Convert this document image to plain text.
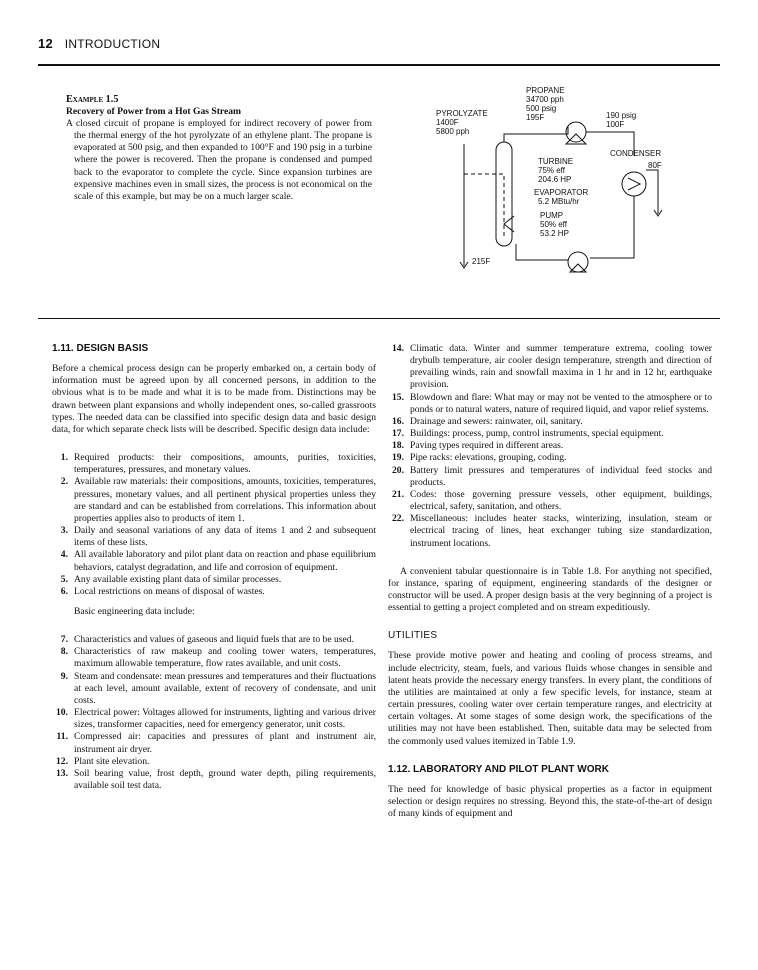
12 INTRODUCTION
Example 1.5
Recovery of Power from a Hot Gas Stream

A closed circuit of propane is employed for indirect recovery of power from the thermal energy of the hot pyrolyzate of an ethylene plant. The propane is evaporated at 500 psig, and then expanded to 100°F and 190 psig in a turbine where the power is recovered. Then the propane is condensed and pumped back to the evaporator to complete the cycle. Since expansion turbines are expensive machines even in small sizes, the process is not economical on the scale of this example, but may be on a much larger scale.

PROPANE
34700 pph
500 psig
195F
PYROLYZATE
1400F
5800 pph
190 psig
100F
CONDENSER
80F
TURBINE
75% eff
204.6 HP
EVAPORATOR
5.2 MBtu/hr
PUMP
50% eff
53.2 HP
215F
1.11. DESIGN BASIS

Before a chemical process design can be properly embarked on, a certain body of information must be agreed upon by all concerned persons, in addition to the obvious what is to be made and what it is to be made from. Distinctions may be drawn between plant expansions and wholly independent ones, so-called grassroots types. The needed data can be classified into specific design data and basic design data, for which separate check lists will be described. Specific design data include:

1. Required products: their compositions, amounts, purities, toxicities, temperatures, pressures, and monetary values.
2. Available raw materials: their compositions, amounts, toxicities, temperatures, pressures, monetary values, and all pertinent physical properties unless they are standard and can be established from correlations. This information about properties applies also to products of item 1.
3. Daily and seasonal variations of any data of items 1 and 2 and subsequent items of these lists.
4. All available laboratory and pilot plant data on reaction and phase equilibrium behaviors, catalyst degradation, and life and corrosion of equipment.
5. Any available existing plant data of similar processes.
6. Local restrictions on means of disposal of wastes.

Basic engineering data include:

7. Characteristics and values of gaseous and liquid fuels that are to be used.
8. Characteristics of raw makeup and cooling tower waters, temperatures, maximum allowable temperature, flow rates available, and unit costs.
9. Steam and condensate: mean pressures and temperatures and their fluctuations at each level, amount available, extent of recovery of condensate, and unit costs.
10. Electrical power: Voltages allowed for instruments, lighting and various driver sizes, transformer capacities, need for emergency generator, unit costs.
11. Compressed air: capacities and pressures of plant and instrument air, instrument air dryer.
12. Plant site elevation.
13. Soil bearing value, frost depth, ground water depth, piling requirements, available soil test data.
14. Climatic data. Winter and summer temperature extrema, cooling tower drybulb temperature, air cooler design temperature, strength and direction of prevailing winds, rain and snowfall maxima in 1 hr and in 12 hr, earthquake provision.
15. Blowdown and flare: What may or may not be vented to the atmosphere or to ponds or to natural waters, nature of required liquid, and vapor relief systems.
16. Drainage and sewers: rainwater, oil, sanitary.
17. Buildings: process, pump, control instruments, special equipment.
18. Paving types required in different areas.
19. Pipe racks: elevations, grouping, coding.
20. Battery limit pressures and temperatures of individual feed stocks and products.
21. Codes: those governing pressure vessels, other equipment, buildings, electrical, safety, sanitation, and others.
22. Miscellaneous: includes heater stacks, winterizing, insulation, steam or electrical tracing of lines, heat exchanger tubing size standardization, instrument locations.

A convenient tabular questionnaire is in Table 1.8. For anything not specified, for instance, sparing of equipment, engineering standards of the designer or constructor will be used. A proper design basis at the very beginning of a project is essential to getting a project completed and on stream expeditiously.

UTILITIES

These provide motive power and heating and cooling of process streams, and include electricity, steam, fuels, and various fluids whose changes in sensible and latent heats provide the necessary energy transfers. In every plant, the conditions of the utilities are maintained at only a few specific levels, for instance, steam at certain pressures, cooling water over certain temperature ranges, and electricity at certain voltages. At some stages of some design work, the specifications of the utilities may not have been established. Then, suitable data may be selected from the commonly used values itemized in Table 1.9.

1.12. LABORATORY AND PILOT PLANT WORK

The need for knowledge of basic physical properties as a factor in equipment selection or design requires no stressing. Beyond this, the state-of-the-art of design of many kinds of equipment and
